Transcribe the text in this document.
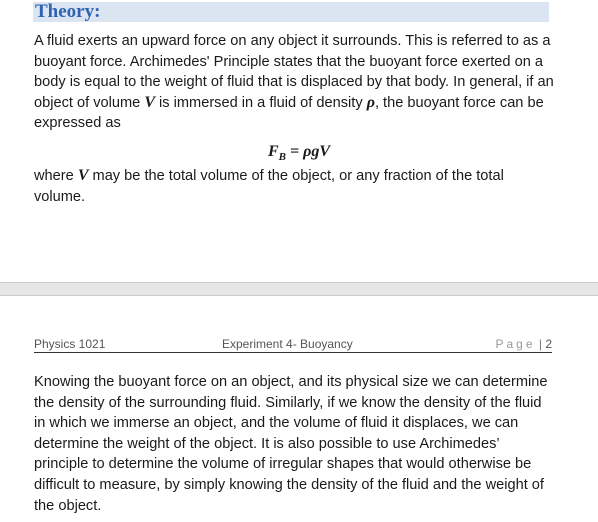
Theory:

A fluid exerts an upward force on any object it surrounds. This is referred to as a buoyant force. Archimedes' Principle states that the buoyant force exerted on a body is equal to the weight of fluid that is displaced by that body. In general, if an object of volume V is immersed in a fluid of density ρ, the buoyant force can be expressed as

$F_B = \rho gV$

where V may be the total volume of the object, or any fraction of the total volume.

Physics 1021	Experiment 4- Buoyancy	Page | 2

Knowing the buoyant force on an object, and its physical size we can determine the density of the surrounding fluid. Similarly, if we know the density of the fluid in which we immerse an object, and the volume of fluid it displaces, we can determine the weight of the object. It is also possible to use Archimedes’ principle to determine the volume of irregular shapes that would otherwise be difficult to measure, by simply knowing the density of the fluid and the weight of the object.
